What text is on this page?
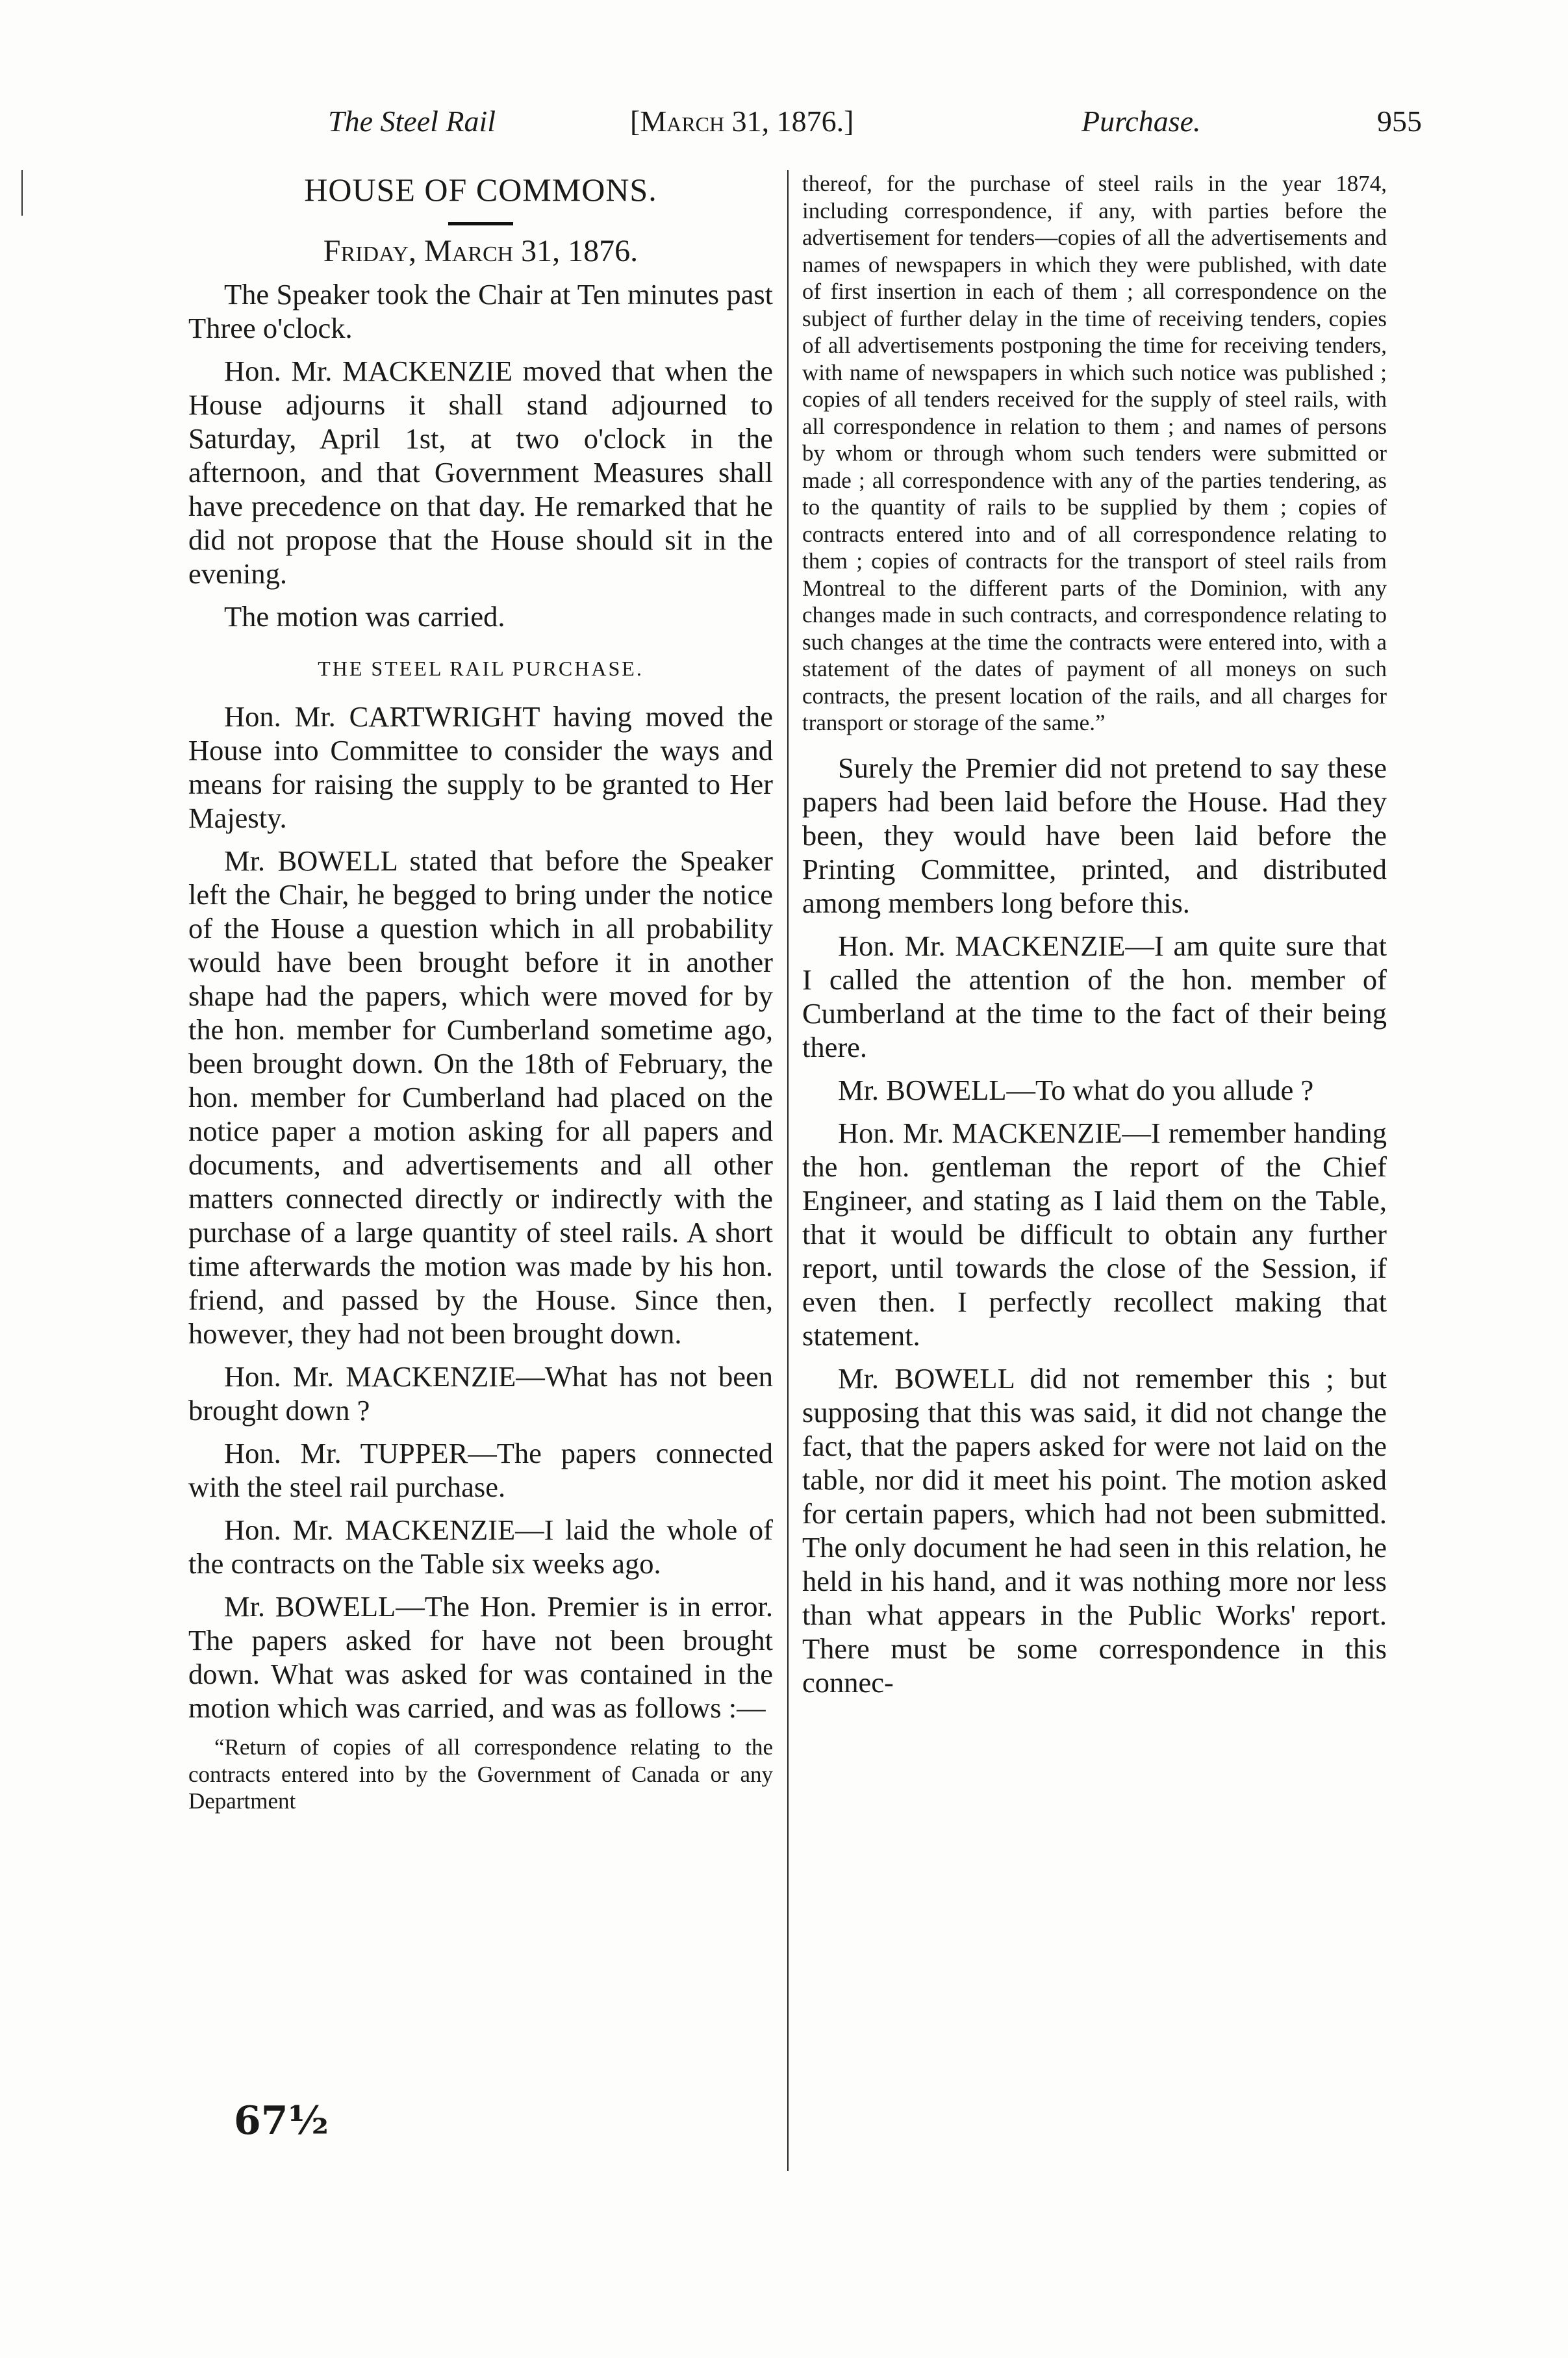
The Steel Rail	[March 31, 1876.]	Purchase.	955
HOUSE OF COMMONS.
Friday, March 31, 1876.

The Speaker took the Chair at Ten minutes past Three o'clock.

Hon. Mr. MACKENZIE moved that when the House adjourns it shall stand adjourned to Saturday, April 1st, at two o'clock in the afternoon, and that Government Measures shall have precedence on that day. He remarked that he did not propose that the House should sit in the evening.

The motion was carried.

THE STEEL RAIL PURCHASE.

Hon. Mr. CARTWRIGHT having moved the House into Committee to consider the ways and means for raising the supply to be granted to Her Majesty.

Mr. BOWELL stated that before the Speaker left the Chair, he begged to bring under the notice of the House a question which in all probability would have been brought before it in another shape had the papers, which were moved for by the hon. member for Cumberland sometime ago, been brought down. On the 18th of February, the hon. member for Cumberland had placed on the notice paper a motion asking for all papers and documents, and advertisements and all other matters connected directly or indirectly with the purchase of a large quantity of steel rails. A short time afterwards the motion was made by his hon. friend, and passed by the House. Since then, however, they had not been brought down.

Hon. Mr. MACKENZIE—What has not been brought down ?

Hon. Mr. TUPPER—The papers connected with the steel rail purchase.

Hon. Mr. MACKENZIE—I laid the whole of the contracts on the Table six weeks ago.

Mr. BOWELL—The Hon. Premier is in error. The papers asked for have not been brought down. What was asked for was contained in the motion which was carried, and was as follows :—

“Return of copies of all correspondence relating to the contracts entered into by the Government of Canada or any Department

thereof, for the purchase of steel rails in the year 1874, including correspondence, if any, with parties before the advertisement for tenders—copies of all the advertisements and names of newspapers in which they were published, with date of first insertion in each of them ; all correspondence on the subject of further delay in the time of receiving tenders, copies of all advertisements postponing the time for receiving tenders, with name of newspapers in which such notice was published ; copies of all tenders received for the supply of steel rails, with all correspondence in relation to them ; and names of persons by whom or through whom such tenders were submitted or made ; all correspondence with any of the parties tendering, as to the quantity of rails to be supplied by them ; copies of contracts entered into and of all correspondence relating to them ; copies of contracts for the transport of steel rails from Montreal to the different parts of the Dominion, with any changes made in such contracts, and correspondence relating to such changes at the time the contracts were entered into, with a statement of the dates of payment of all moneys on such contracts, the present location of the rails, and all charges for transport or storage of the same.”

Surely the Premier did not pretend to say these papers had been laid before the House. Had they been, they would have been laid before the Printing Committee, printed, and distributed among members long before this.

Hon. Mr. MACKENZIE—I am quite sure that I called the attention of the hon. member of Cumberland at the time to the fact of their being there.

Mr. BOWELL—To what do you allude ?

Hon. Mr. MACKENZIE—I remember handing the hon. gentleman the report of the Chief Engineer, and stating as I laid them on the Table, that it would be difficult to obtain any further report, until towards the close of the Session, if even then. I perfectly recollect making that statement.

Mr. BOWELL did not remember this ; but supposing that this was said, it did not change the fact, that the papers asked for were not laid on the table, nor did it meet his point. The motion asked for certain papers, which had not been submitted. The only document he had seen in this relation, he held in his hand, and it was nothing more nor less than what appears in the Public Works' report. There must be some correspondence in this connec-

67½
